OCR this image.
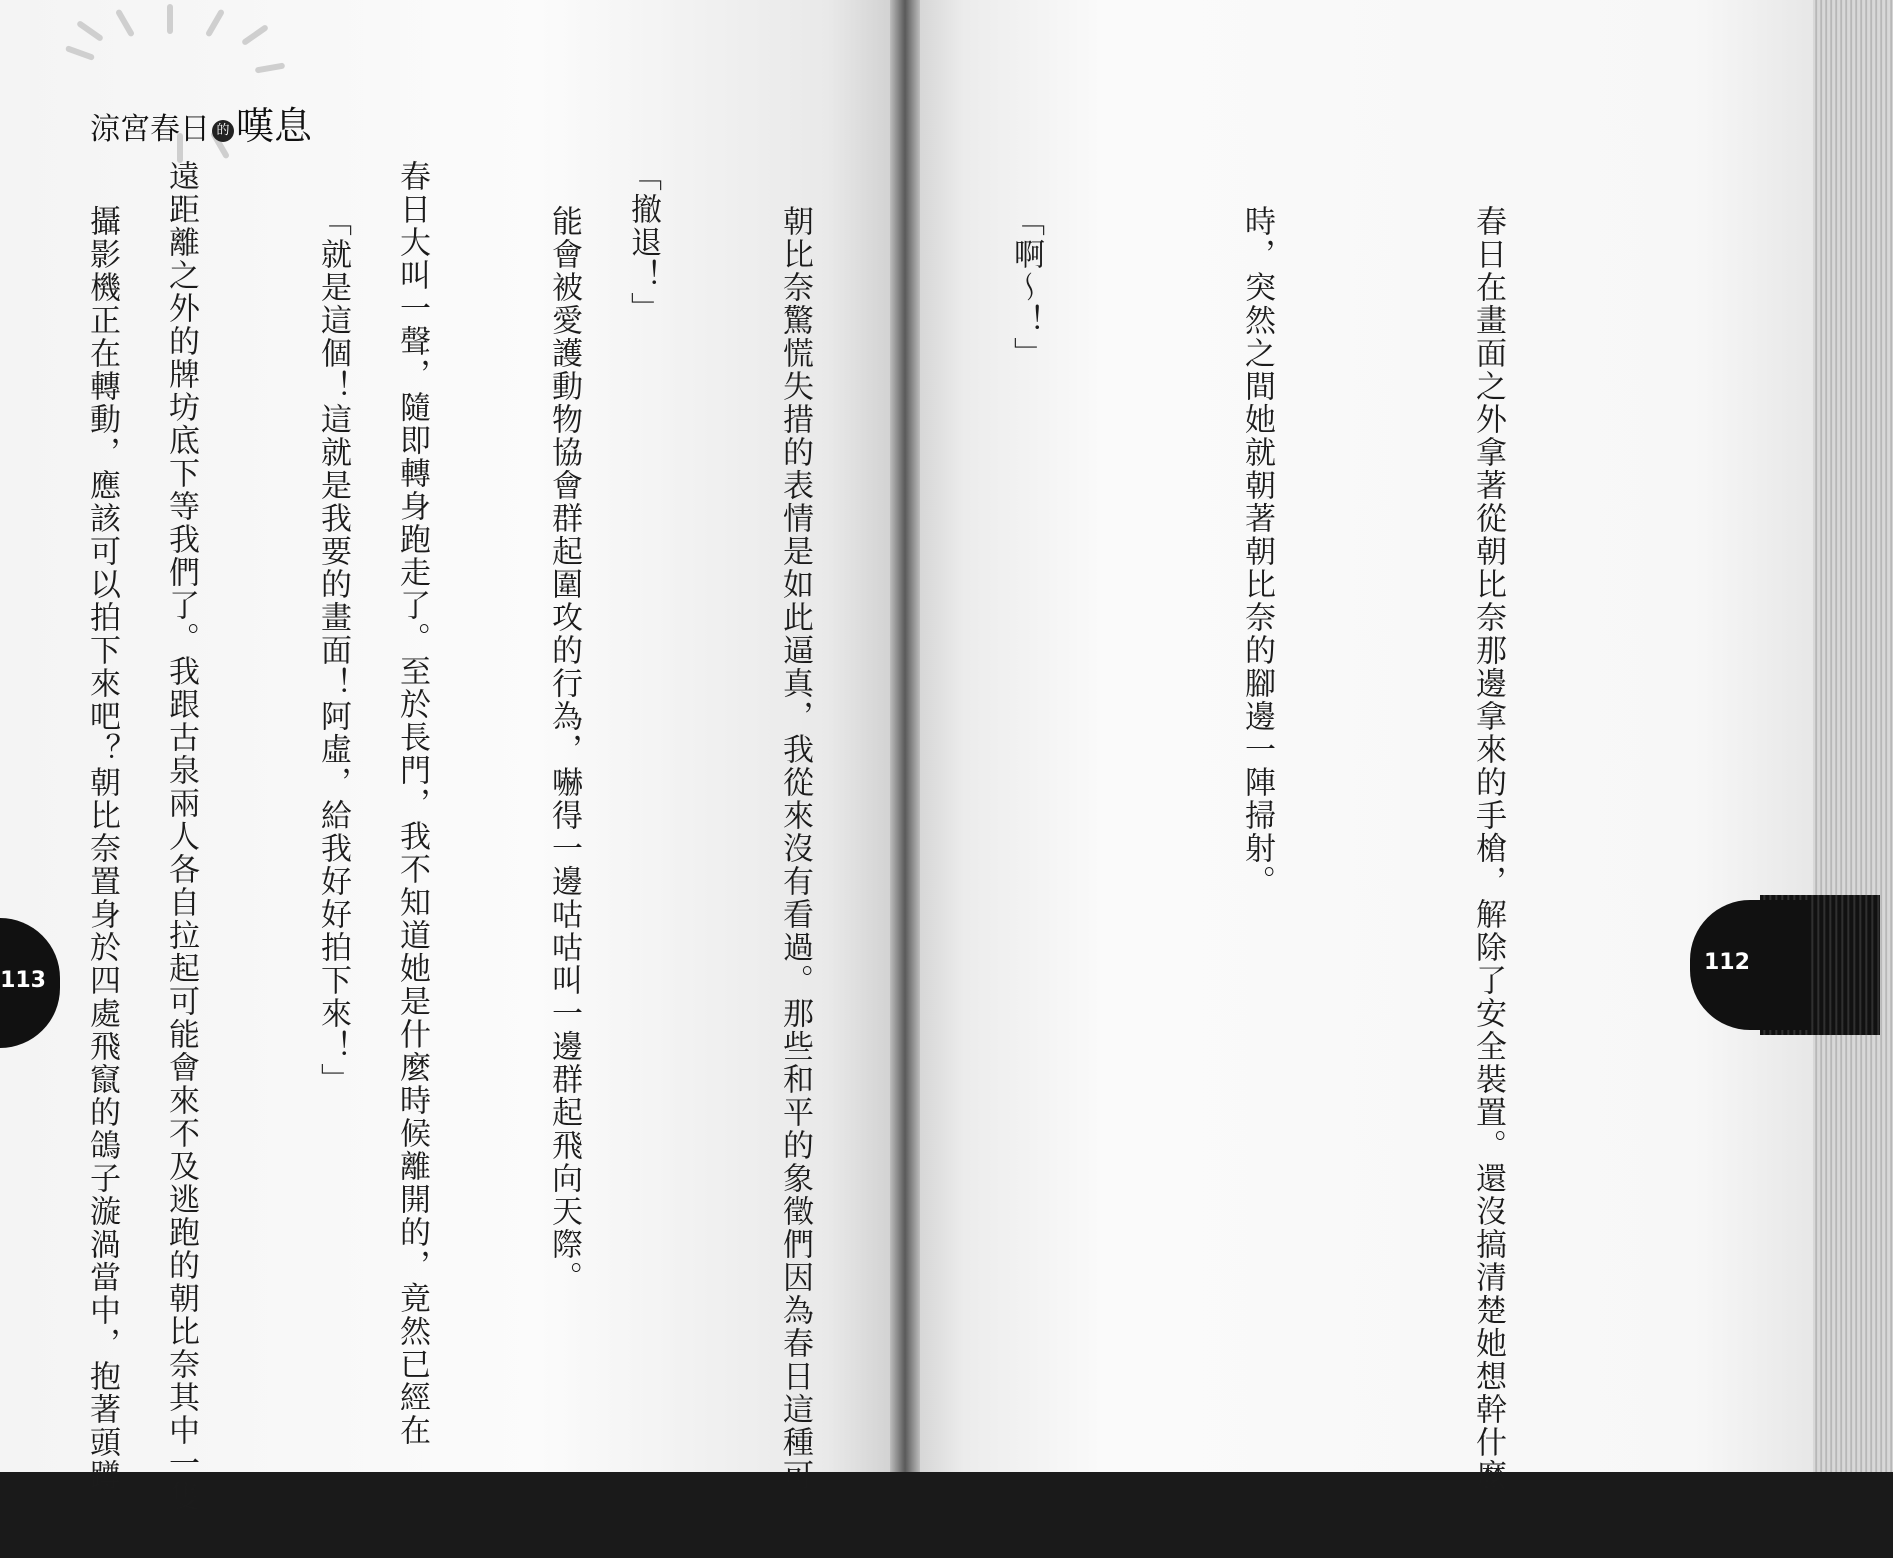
涼宮春日 的 嘆息

春日在畫面之外拿著從朝比奈那邊拿來的手槍，解除了安全裝置。還沒搞清楚她想幹什麼

時，突然之間她就朝著朝比奈的腳邊一陣掃射。

「啊～！」

朝比奈驚慌失措的表情是如此逼真，我從來沒有看過。那些和平的象徵們因為春日這種可

能會被愛護動物協會群起圍攻的行為，嚇得一邊咕咕叫一邊群起飛向天際。

「就是這個！這就是我要的畫面！阿虛，給我好好拍下來！」

攝影機正在轉動，應該可以拍下來吧？朝比奈置身於四處飛竄的鴿子漩渦當中，抱著頭蹲

	「撤退！」

春日大叫一聲，隨即轉身跑走了。至於長門，我不知道她是什麼時候離開的，竟然已經在

遠距離之外的牌坊底下等我們了。我跟古泉兩人各自拉起可能會來不及逃跑的朝比奈其中一隻

113
112
